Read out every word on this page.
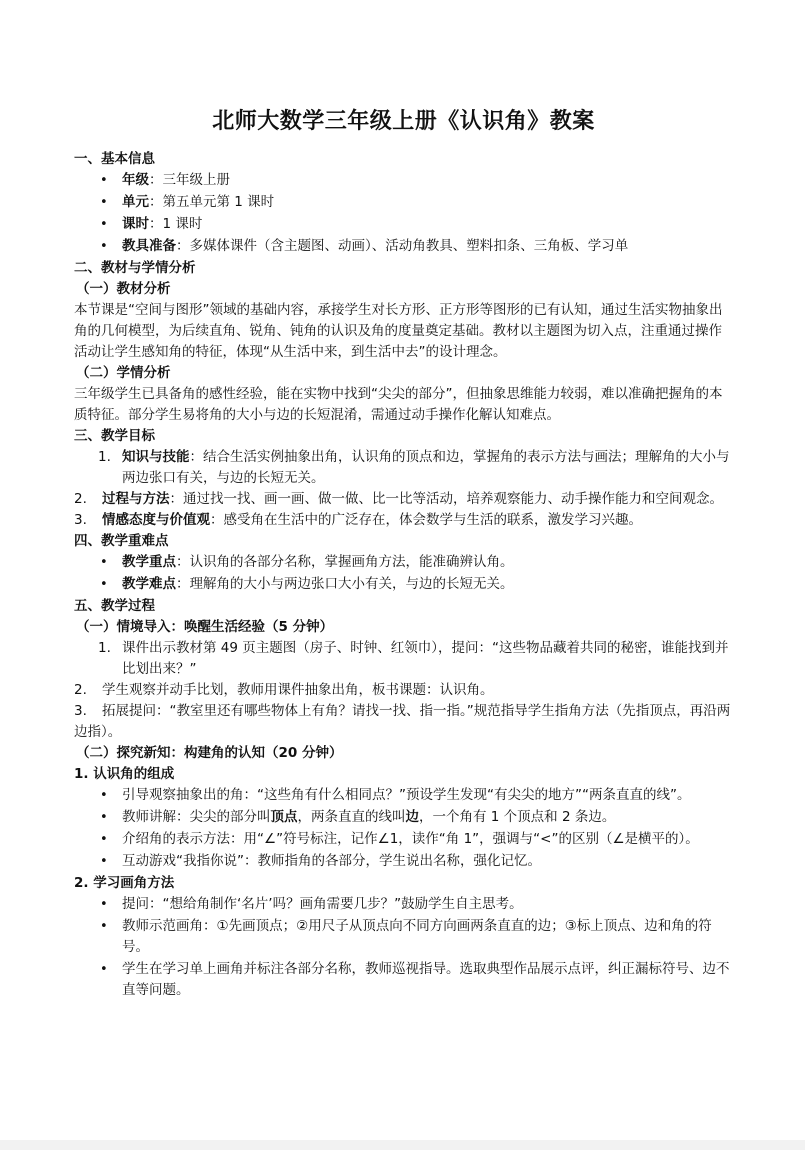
北师大数学三年级上册《认识角》教案
一、基本信息
• 年级：三年级上册
• 单元：第五单元第 1 课时
• 课时：1 课时
• 教具准备：多媒体课件（含主题图、动画）、活动角教具、塑料扣条、三角板、学习单
二、教材与学情分析
（一）教材分析

本节课是“空间与图形”领域的基础内容，承接学生对长方形、正方形等图形的已有认知，通过生活实物抽象出角的几何模型，为后续直角、锐角、钝角的认识及角的度量奠定基础。教材以主题图为切入点，注重通过操作活动让学生感知角的特征，体现“从生活中来，到生活中去”的设计理念。

（二）学情分析

三年级学生已具备角的感性经验，能在实物中找到“尖尖的部分”，但抽象思维能力较弱，难以准确把握角的本质特征。部分学生易将角的大小与边的长短混淆，需通过动手操作化解认知难点。

三、教学目标
1. 知识与技能：结合生活实例抽象出角，认识角的顶点和边，掌握角的表示方法与画法；理解角的大小与两边张口有关，与边的长短无关。
2. 过程与方法：通过找一找、画一画、做一做、比一比等活动，培养观察能力、动手操作能力和空间观念。
3. 情感态度与价值观：感受角在生活中的广泛存在，体会数学与生活的联系，激发学习兴趣。
四、教学重难点
• 教学重点：认识角的各部分名称，掌握画角方法，能准确辨认角。
• 教学难点：理解角的大小与两边张口大小有关，与边的长短无关。
五、教学过程
（一）情境导入：唤醒生活经验（5 分钟）
1. 课件出示教材第 49 页主题图（房子、时钟、红领巾），提问：“这些物品藏着共同的秘密，谁能找到并比划出来？”
2. 学生观察并动手比划，教师用课件抽象出角，板书课题：认识角。
3. 拓展提问：“教室里还有哪些物体上有角？请找一找、指一指。”规范指导学生指角方法（先指顶点，再沿两边指）。
（二）探究新知：构建角的认知（20 分钟）
1. 认识角的组成
• 引导观察抽象出的角：“这些角有什么相同点？”预设学生发现“有尖尖的地方”“两条直直的线”。
• 教师讲解：尖尖的部分叫顶点，两条直直的线叫边，一个角有 1 个顶点和 2 条边。
• 介绍角的表示方法：用“∠”符号标注，记作∠1，读作“角 1”，强调与“<”的区别（∠是横平的）。
• 互动游戏“我指你说”：教师指角的各部分，学生说出名称，强化记忆。
2. 学习画角方法
• 提问：“想给角制作‘名片’吗？画角需要几步？”鼓励学生自主思考。
• 教师示范画角：①先画顶点；②用尺子从顶点向不同方向画两条直直的边；③标上顶点、边和角的符号。
• 学生在学习单上画角并标注各部分名称，教师巡视指导。选取典型作品展示点评，纠正漏标符号、边不直等问题。
